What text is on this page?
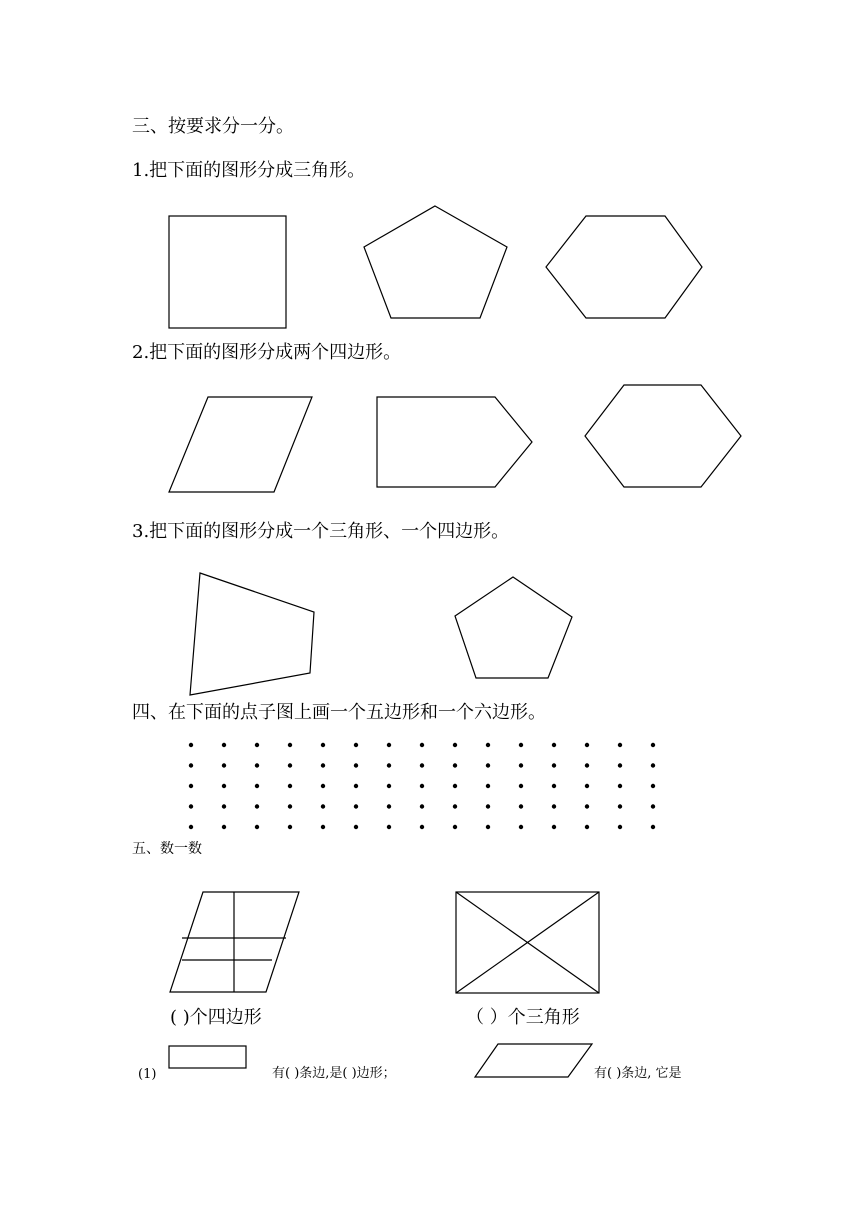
三、按要求分一分。
1.把下面的图形分成三角形。
2.把下面的图形分成两个四边形。
3.把下面的图形分成一个三角形、一个四边形。
四、在下面的点子图上画一个五边形和一个六边形。
五、数一数
( )个四边形	（ ）个三角形
(1)	有( )条边,是( )边形；	有( )条边, 它是
